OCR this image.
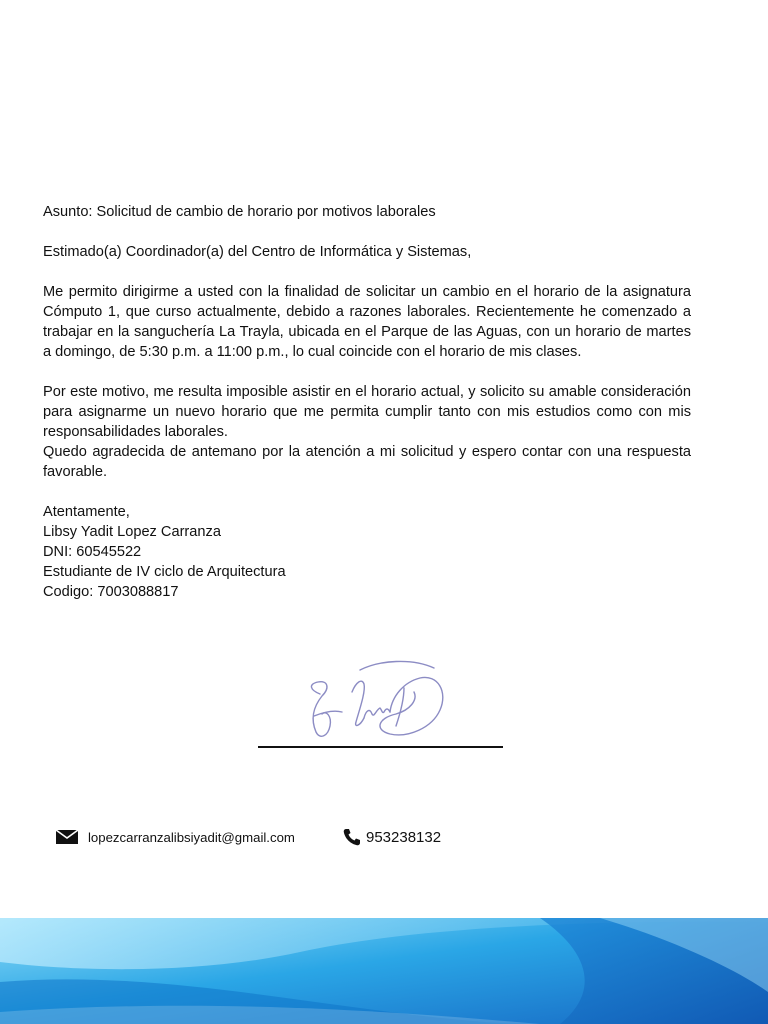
Asunto: Solicitud de cambio de horario por motivos laborales

Estimado(a) Coordinador(a) del Centro de Informática y Sistemas,

Me permito dirigirme a usted con la finalidad de solicitar un cambio en el horario de la asignatura Cómputo 1, que curso actualmente, debido a razones laborales. Recientemente he comenzado a trabajar en la sanguchería La Trayla, ubicada en el Parque de las Aguas, con un horario de martes a domingo, de 5:30 p.m. a 11:00 p.m., lo cual coincide con el horario de mis clases.

Por este motivo, me resulta imposible asistir en el horario actual, y solicito su amable consideración para asignarme un nuevo horario que me permita cumplir tanto con mis estudios como con mis responsabilidades laborales.

Quedo agradecida de antemano por la atención a mi solicitud y espero contar con una respuesta favorable.

Atentamente,

Libsy Yadit Lopez Carranza

DNI: 60545522

Estudiante de IV ciclo de Arquitectura

Codigo: 7003088817

lopezcarranzalibsiyadit@gmail.com	953238132
